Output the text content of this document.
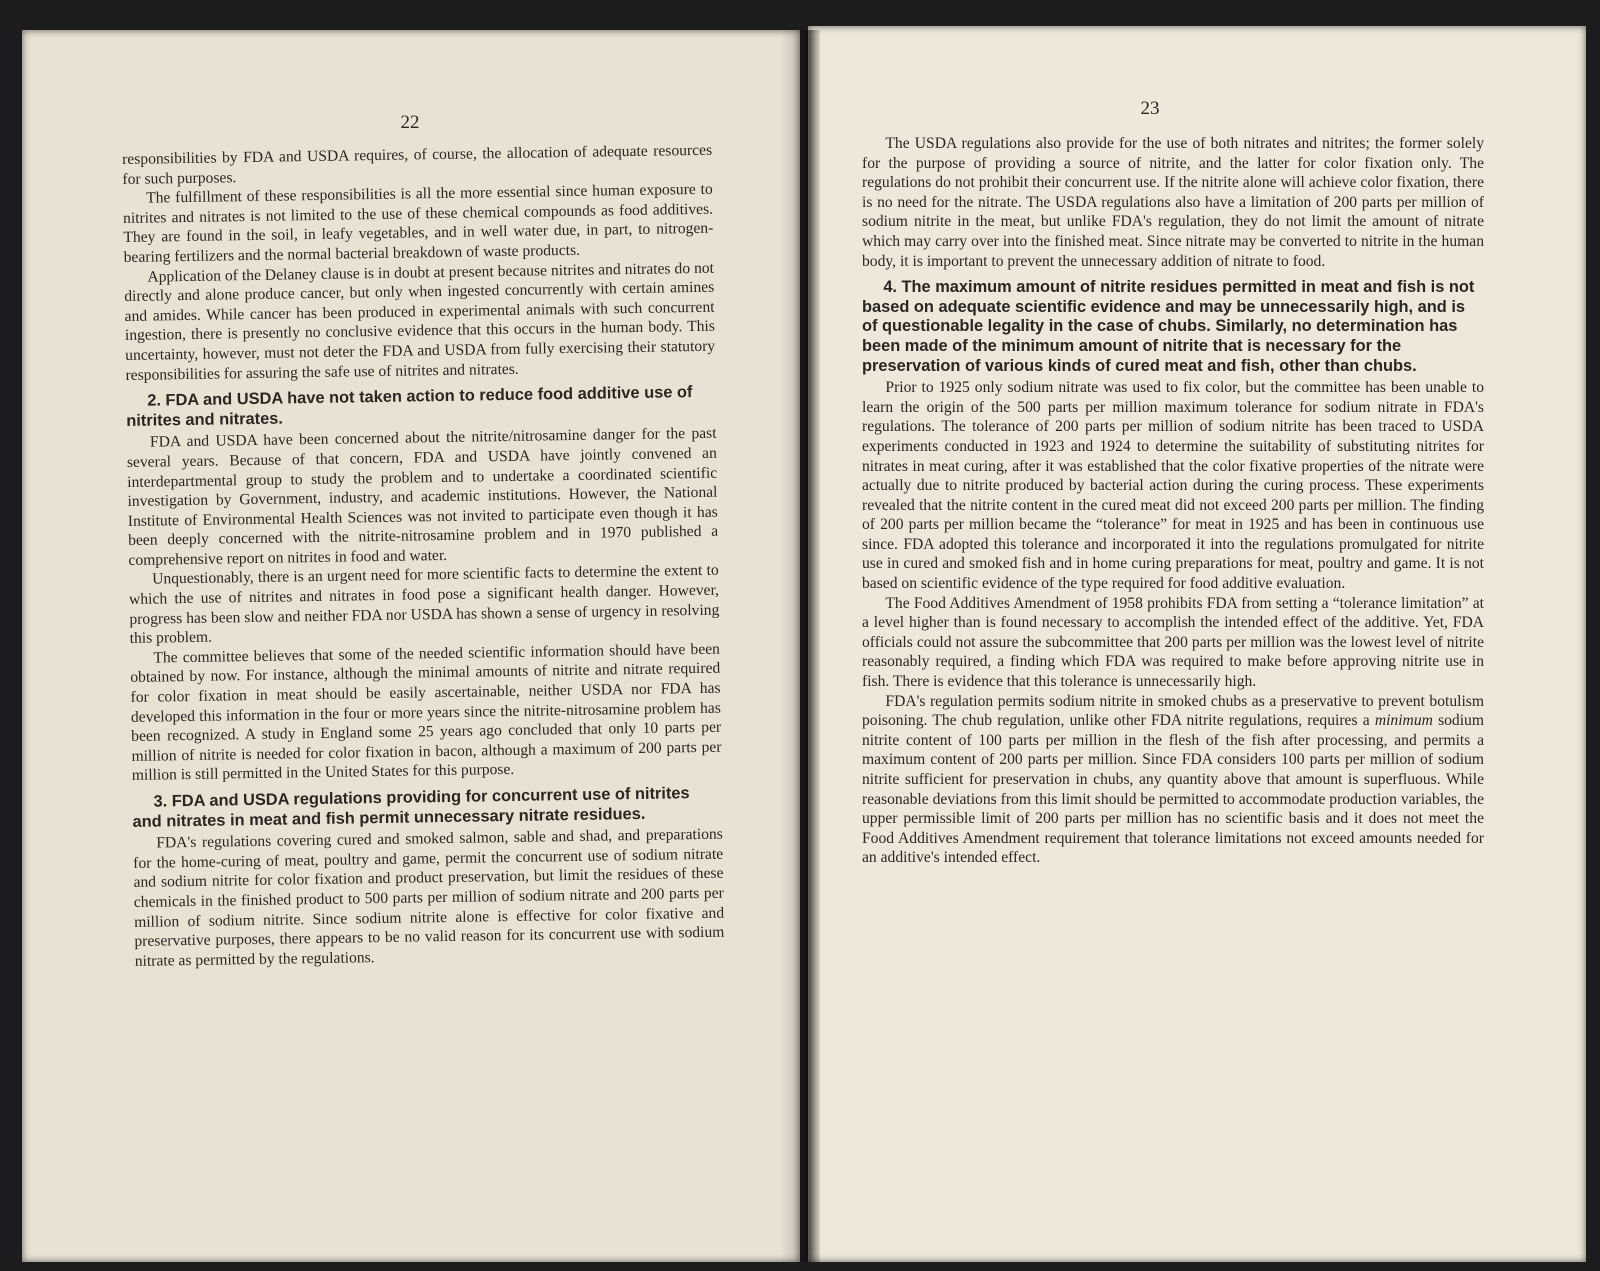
22

responsibilities by FDA and USDA requires, of course, the allocation of adequate resources for such purposes.

The fulfillment of these responsibilities is all the more essential since human exposure to nitrites and nitrates is not limited to the use of these chemical compounds as food additives. They are found in the soil, in leafy vegetables, and in well water due, in part, to nitrogen-bearing fertilizers and the normal bacterial breakdown of waste products.

Application of the Delaney clause is in doubt at present because nitrites and nitrates do not directly and alone produce cancer, but only when ingested concurrently with certain amines and amides. While cancer has been produced in experimental animals with such concurrent ingestion, there is presently no conclusive evidence that this occurs in the human body. This uncertainty, however, must not deter the FDA and USDA from fully exercising their statutory responsibilities for assuring the safe use of nitrites and nitrates.

2. FDA and USDA have not taken action to reduce food additive use of nitrites and nitrates.

FDA and USDA have been concerned about the nitrite/nitrosamine danger for the past several years. Because of that concern, FDA and USDA have jointly convened an interdepartmental group to study the problem and to undertake a coordinated scientific investigation by Government, industry, and academic institutions. However, the National Institute of Environmental Health Sciences was not invited to participate even though it has been deeply concerned with the nitrite-nitrosamine problem and in 1970 published a comprehensive report on nitrites in food and water.

Unquestionably, there is an urgent need for more scientific facts to determine the extent to which the use of nitrites and nitrates in food pose a significant health danger. However, progress has been slow and neither FDA nor USDA has shown a sense of urgency in resolving this problem.

The committee believes that some of the needed scientific information should have been obtained by now. For instance, although the minimal amounts of nitrite and nitrate required for color fixation in meat should be easily ascertainable, neither USDA nor FDA has developed this information in the four or more years since the nitrite-nitrosamine problem has been recognized. A study in England some 25 years ago concluded that only 10 parts per million of nitrite is needed for color fixation in bacon, although a maximum of 200 parts per million is still permitted in the United States for this purpose.

3. FDA and USDA regulations providing for concurrent use of nitrites and nitrates in meat and fish permit unnecessary nitrate residues.

FDA's regulations covering cured and smoked salmon, sable and shad, and preparations for the home-curing of meat, poultry and game, permit the concurrent use of sodium nitrate and sodium nitrite for color fixation and product preservation, but limit the residues of these chemicals in the finished product to 500 parts per million of sodium nitrate and 200 parts per million of sodium nitrite. Since sodium nitrite alone is effective for color fixative and preservative purposes, there appears to be no valid reason for its concurrent use with sodium nitrate as permitted by the regulations.

23

The USDA regulations also provide for the use of both nitrates and nitrites; the former solely for the purpose of providing a source of nitrite, and the latter for color fixation only. The regulations do not prohibit their concurrent use. If the nitrite alone will achieve color fixation, there is no need for the nitrate. The USDA regulations also have a limitation of 200 parts per million of sodium nitrite in the meat, but unlike FDA's regulation, they do not limit the amount of nitrate which may carry over into the finished meat. Since nitrate may be converted to nitrite in the human body, it is important to prevent the unnecessary addition of nitrate to food.

4. The maximum amount of nitrite residues permitted in meat and fish is not based on adequate scientific evidence and may be unnecessarily high, and is of questionable legality in the case of chubs. Similarly, no determination has been made of the minimum amount of nitrite that is necessary for the preservation of various kinds of cured meat and fish, other than chubs.

Prior to 1925 only sodium nitrate was used to fix color, but the committee has been unable to learn the origin of the 500 parts per million maximum tolerance for sodium nitrate in FDA's regulations. The tolerance of 200 parts per million of sodium nitrite has been traced to USDA experiments conducted in 1923 and 1924 to determine the suitability of substituting nitrites for nitrates in meat curing, after it was established that the color fixative properties of the nitrate were actually due to nitrite produced by bacterial action during the curing process. These experiments revealed that the nitrite content in the cured meat did not exceed 200 parts per million. The finding of 200 parts per million became the “tolerance” for meat in 1925 and has been in continuous use since. FDA adopted this tolerance and incorporated it into the regulations promulgated for nitrite use in cured and smoked fish and in home curing preparations for meat, poultry and game. It is not based on scientific evidence of the type required for food additive evaluation.

The Food Additives Amendment of 1958 prohibits FDA from setting a “tolerance limitation” at a level higher than is found necessary to accomplish the intended effect of the additive. Yet, FDA officials could not assure the subcommittee that 200 parts per million was the lowest level of nitrite reasonably required, a finding which FDA was required to make before approving nitrite use in fish. There is evidence that this tolerance is unnecessarily high.

FDA's regulation permits sodium nitrite in smoked chubs as a preservative to prevent botulism poisoning. The chub regulation, unlike other FDA nitrite regulations, requires a minimum sodium nitrite content of 100 parts per million in the flesh of the fish after processing, and permits a maximum content of 200 parts per million. Since FDA considers 100 parts per million of sodium nitrite sufficient for preservation in chubs, any quantity above that amount is superfluous. While reasonable deviations from this limit should be permitted to accommodate production variables, the upper permissible limit of 200 parts per million has no scientific basis and it does not meet the Food Additives Amendment requirement that tolerance limitations not exceed amounts needed for an additive's intended effect.
